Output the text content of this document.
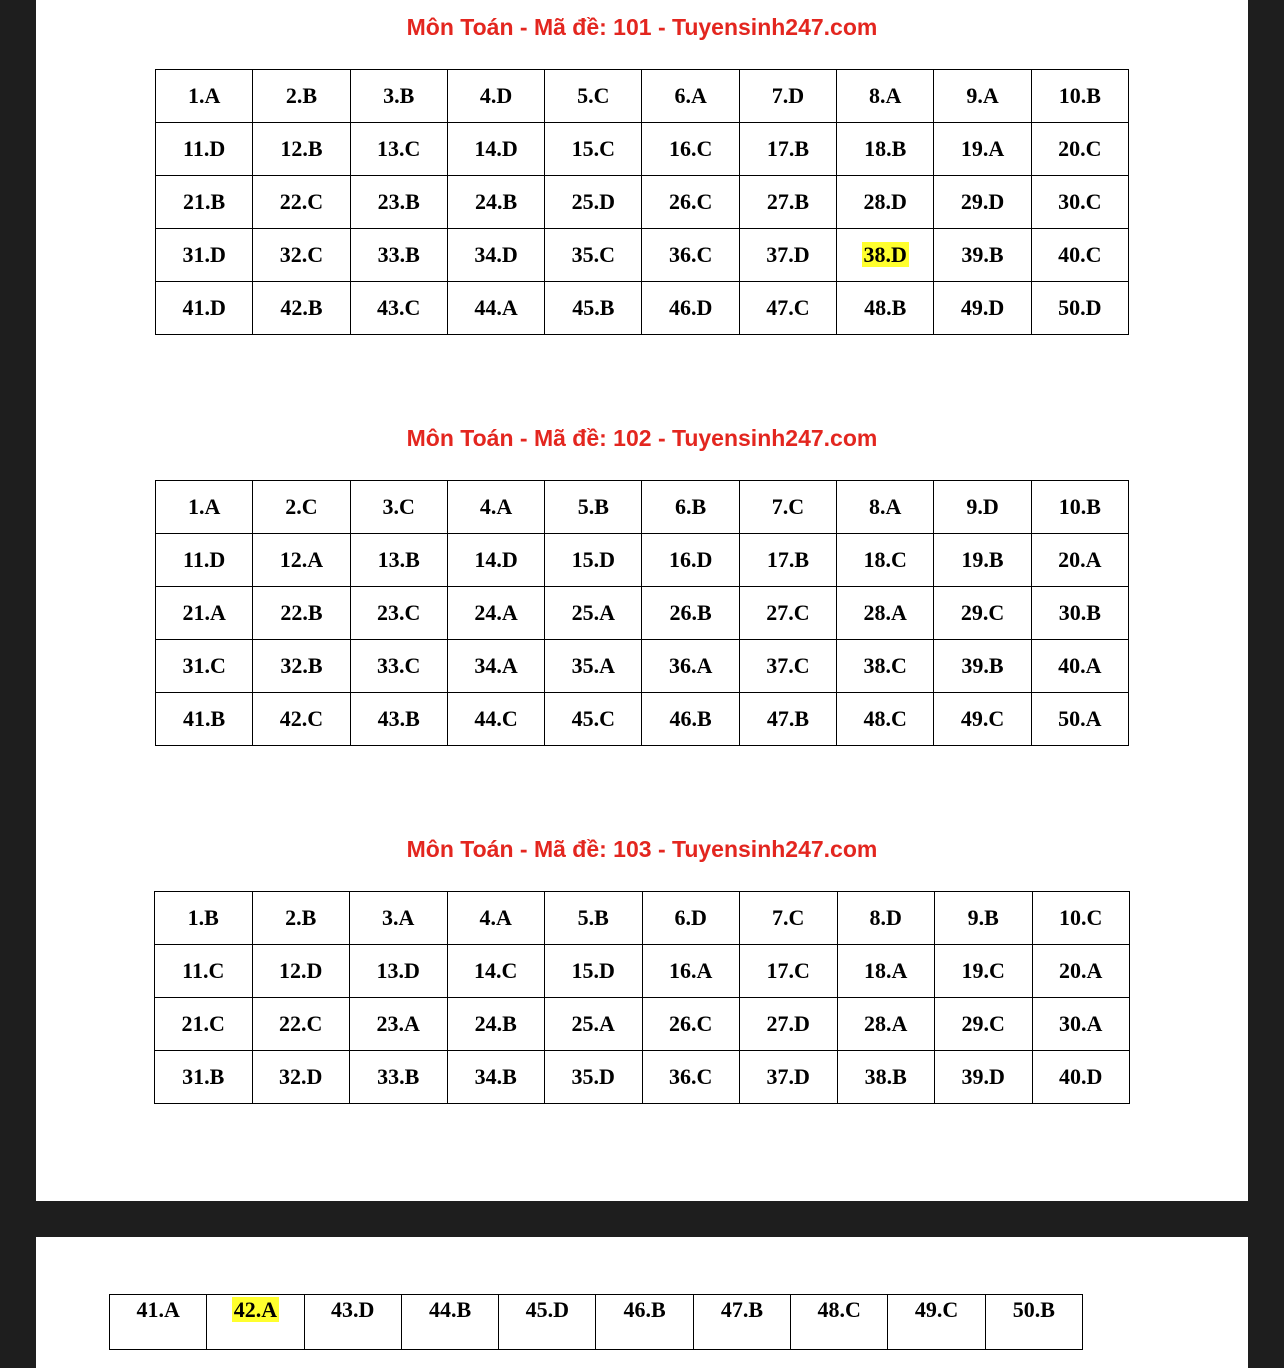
Môn Toán - Mã đề: 101 - Tuyensinh247.com
1.A	2.B	3.B	4.D	5.C	6.A	7.D	8.A	9.A	10.B
11.D	12.B	13.C	14.D	15.C	16.C	17.B	18.B	19.A	20.C
21.B	22.C	23.B	24.B	25.D	26.C	27.B	28.D	29.D	30.C
31.D	32.C	33.B	34.D	35.C	36.C	37.D	38.D	39.B	40.C
41.D	42.B	43.C	44.A	45.B	46.D	47.C	48.B	49.D	50.D
Môn Toán - Mã đề: 102 - Tuyensinh247.com
1.A	2.C	3.C	4.A	5.B	6.B	7.C	8.A	9.D	10.B
11.D	12.A	13.B	14.D	15.D	16.D	17.B	18.C	19.B	20.A
21.A	22.B	23.C	24.A	25.A	26.B	27.C	28.A	29.C	30.B
31.C	32.B	33.C	34.A	35.A	36.A	37.C	38.C	39.B	40.A
41.B	42.C	43.B	44.C	45.C	46.B	47.B	48.C	49.C	50.A
Môn Toán - Mã đề: 103 - Tuyensinh247.com
1.B	2.B	3.A	4.A	5.B	6.D	7.C	8.D	9.B	10.C
11.C	12.D	13.D	14.C	15.D	16.A	17.C	18.A	19.C	20.A
21.C	22.C	23.A	24.B	25.A	26.C	27.D	28.A	29.C	30.A
31.B	32.D	33.B	34.B	35.D	36.C	37.D	38.B	39.D	40.D
41.A	42.A	43.D	44.B	45.D	46.B	47.B	48.C	49.C	50.B
